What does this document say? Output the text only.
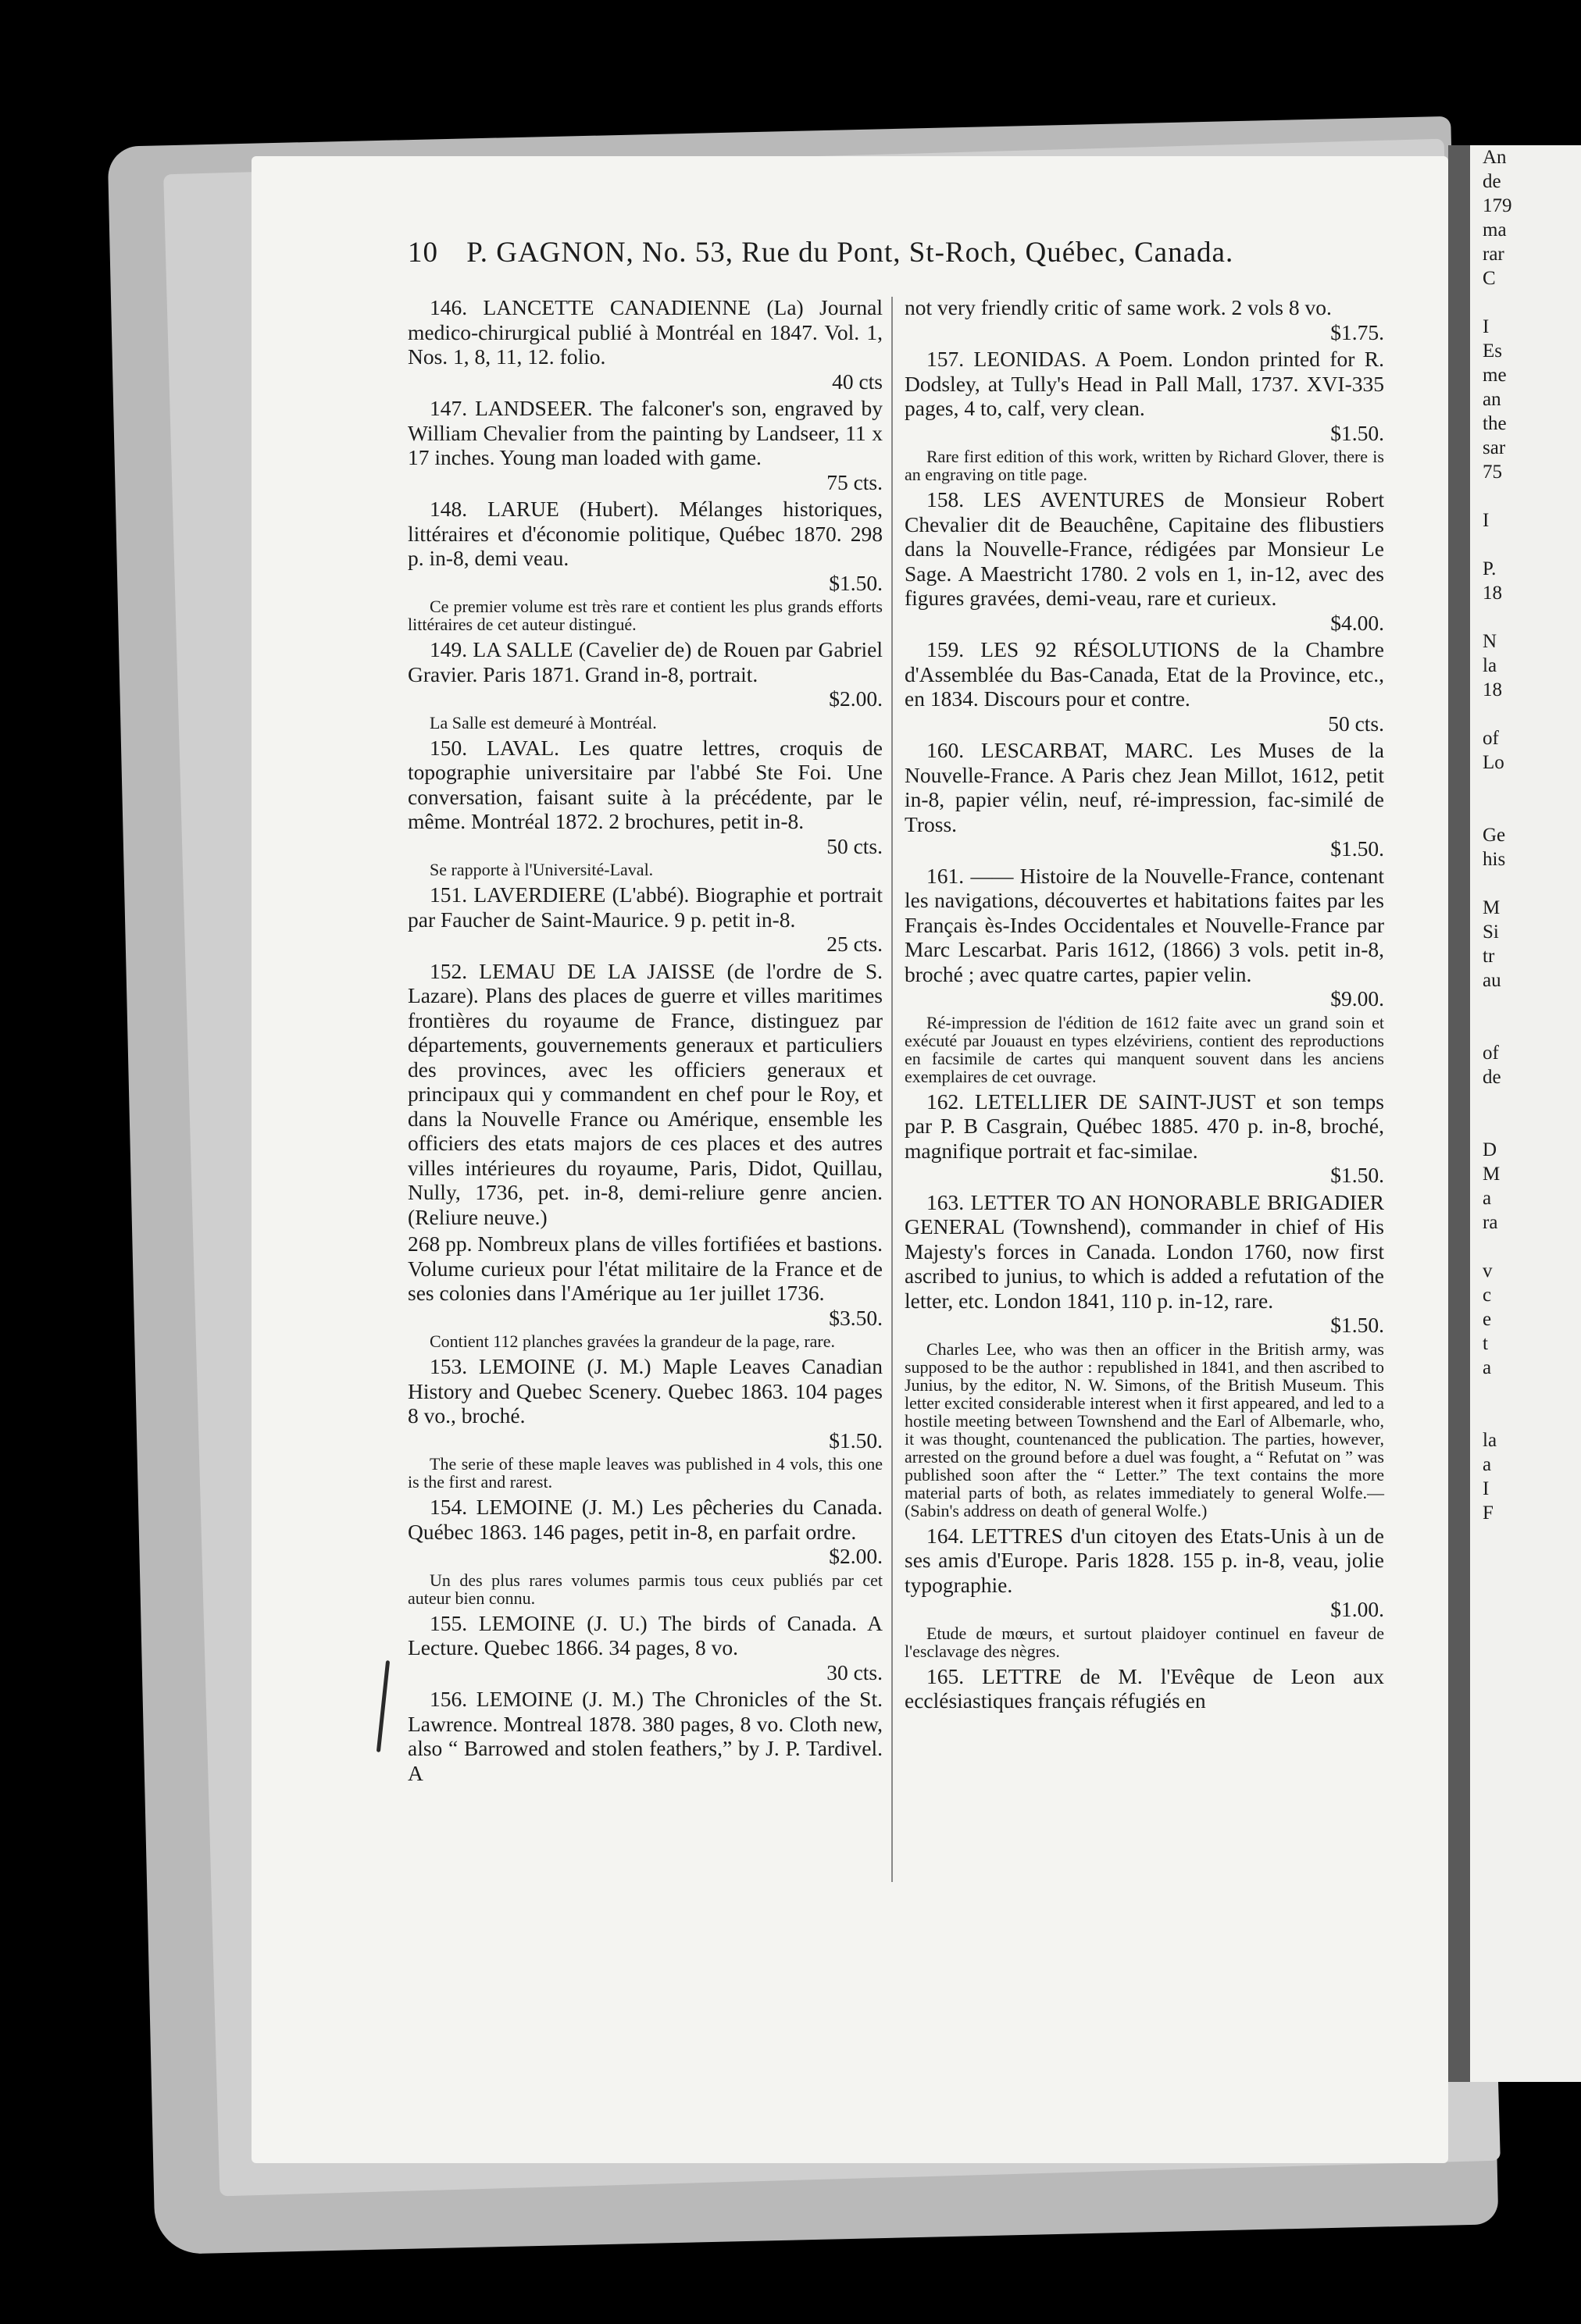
An
de
179
ma
rar
C

I
Es
me
an
the
sar
75

I

P.
18

N
la
18

of
Lo

Ge
his

M
Si
tr
au

of
de

D
M
a
ra

v
c
e
t
a

la
a
I
F

10 P. GAGNON, No. 53, Rue du Pont, St-Roch, Québec, Canada.

146. LANCETTE CANADIENNE (La) Journal medico-chirurgical publié à Montréal en 1847. Vol. 1, Nos. 1, 8, 11, 12. folio.
40 cts

147. LANDSEER. The falconer's son, engraved by William Chevalier from the painting by Landseer, 11 x 17 inches. Young man loaded with game.
75 cts.

148. LARUE (Hubert). Mélanges historiques, littéraires et d'économie politique, Québec 1870. 298 p. in-8, demi veau.
$1.50.

Ce premier volume est très rare et contient les plus grands efforts littéraires de cet auteur distingué.

149. LA SALLE (Cavelier de) de Rouen par Gabriel Gravier. Paris 1871. Grand in-8, portrait.
$2.00.

La Salle est demeuré à Montréal.

150. LAVAL. Les quatre lettres, croquis de topographie universitaire par l'abbé Ste Foi. Une conversation, faisant suite à la précédente, par le même. Montréal 1872. 2 brochures, petit in-8.
50 cts.

Se rapporte à l'Université-Laval.

151. LAVERDIERE (L'abbé). Biographie et portrait par Faucher de Saint-Maurice. 9 p. petit in-8.
25 cts.

152. LEMAU DE LA JAISSE (de l'ordre de S. Lazare). Plans des places de guerre et villes maritimes frontières du royaume de France, distinguez par départements, gouvernements generaux et particuliers des provinces, avec les officiers generaux et principaux qui y commandent en chef pour le Roy, et dans la Nouvelle France ou Amérique, ensemble les officiers des etats majors de ces places et des autres villes intérieures du royaume, Paris, Didot, Quillau, Nully, 1736, pet. in-8, demi-reliure genre ancien. (Reliure neuve.)

268 pp. Nombreux plans de villes fortifiées et bastions. Volume curieux pour l'état militaire de la France et de ses colonies dans l'Amérique au 1er juillet 1736.
$3.50.

Contient 112 planches gravées la grandeur de la page, rare.

153. LEMOINE (J. M.) Maple Leaves Canadian History and Quebec Scenery. Quebec 1863. 104 pages 8 vo., broché.
$1.50.

The serie of these maple leaves was published in 4 vols, this one is the first and rarest.

154. LEMOINE (J. M.) Les pêcheries du Canada. Québec 1863. 146 pages, petit in-8, en parfait ordre.
$2.00.

Un des plus rares volumes parmis tous ceux publiés par cet auteur bien connu.

155. LEMOINE (J. U.) The birds of Canada. A Lecture. Quebec 1866. 34 pages, 8 vo.
30 cts.

156. LEMOINE (J. M.) The Chronicles of the St. Lawrence. Montreal 1878. 380 pages, 8 vo. Cloth new, also “ Barrowed and stolen feathers,” by J. P. Tardivel. A

not very friendly critic of same work. 2 vols 8 vo.
$1.75.

157. LEONIDAS. A Poem. London printed for R. Dodsley, at Tully's Head in Pall Mall, 1737. XVI-335 pages, 4 to, calf, very clean.
$1.50.

Rare first edition of this work, written by Richard Glover, there is an engraving on title page.

158. LES AVENTURES de Monsieur Robert Chevalier dit de Beauchêne, Capitaine des flibustiers dans la Nouvelle-France, rédigées par Monsieur Le Sage. A Maestricht 1780. 2 vols en 1, in-12, avec des figures gravées, demi-veau, rare et curieux.
$4.00.

159. LES 92 RÉSOLUTIONS de la Chambre d'Assemblée du Bas-Canada, Etat de la Province, etc., en 1834. Discours pour et contre.
50 cts.

160. LESCARBAT, MARC. Les Muses de la Nouvelle-France. A Paris chez Jean Millot, 1612, petit in-8, papier vélin, neuf, ré-impression, fac-similé de Tross.
$1.50.

161. —— Histoire de la Nouvelle-France, contenant les navigations, découvertes et habitations faites par les Français ès-Indes Occidentales et Nouvelle-France par Marc Lescarbat. Paris 1612, (1866) 3 vols. petit in-8, broché ; avec quatre cartes, papier velin.
$9.00.

Ré-impression de l'édition de 1612 faite avec un grand soin et exécuté par Jouaust en types elzéviriens, contient des reproductions en facsimile de cartes qui manquent souvent dans les anciens exemplaires de cet ouvrage.

162. LETELLIER DE SAINT-JUST et son temps par P. B Casgrain, Québec 1885. 470 p. in-8, broché, magnifique portrait et fac-similae.
$1.50.

163. LETTER TO AN HONORABLE BRIGADIER GENERAL (Townshend), commander in chief of His Majesty's forces in Canada. London 1760, now first ascribed to junius, to which is added a refutation of the letter, etc. London 1841, 110 p. in-12, rare.
$1.50.

Charles Lee, who was then an officer in the British army, was supposed to be the author : republished in 1841, and then ascribed to Junius, by the editor, N. W. Simons, of the British Museum. This letter excited considerable interest when it first appeared, and led to a hostile meeting between Townshend and the Earl of Albemarle, who, it was thought, countenanced the publication. The parties, however, arrested on the ground before a duel was fought, a “ Refutat on ” was published soon after the “ Letter.” The text contains the more material parts of both, as relates immediately to general Wolfe.— (Sabin's address on death of general Wolfe.)

164. LETTRES d'un citoyen des Etats-Unis à un de ses amis d'Europe. Paris 1828. 155 p. in-8, veau, jolie typographie.
$1.00.

Etude de mœurs, et surtout plaidoyer continuel en faveur de l'esclavage des nègres.

165. LETTRE de M. l'Evêque de Leon aux ecclésiastiques français réfugiés en
